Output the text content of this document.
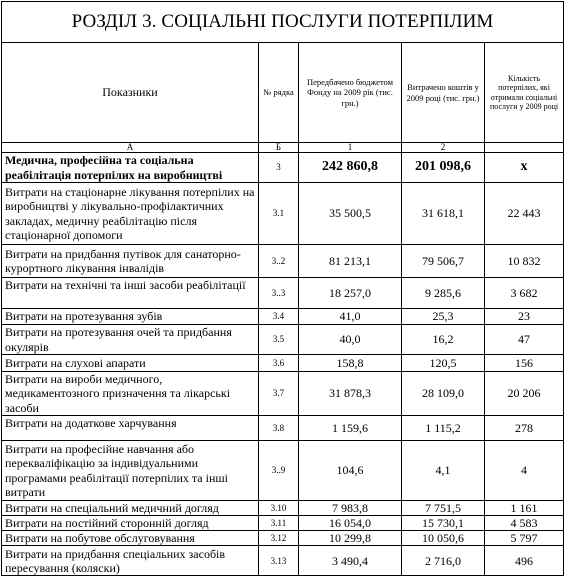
РОЗДІЛ 3. СОЦІАЛЬНІ ПОСЛУГИ ПОТЕРПІЛИМ				
Показники	№ рядка	Передбачено бюджетом Фонду на 2009 рік (тис. грн.)	Витрачено коштів у 2009 році (тис. грн.)	Кількість потерпілих, які отримали соціальні послуги у 2009 році
А	Б	1	2	
Медична, професійна та соціальна реабілітація потерпілих на виробництві	3	242 860,8	201 098,6	х
Витрати на стаціонарне лікування потерпілих на виробництві у лікувально-профілактичних закладах, медичну реабілітацію після стаціонарної допомоги	3.1	35 500,5	31 618,1	22 443
Витрати на придбання путівок для санаторно-курортного лікування інвалідів	3..2	81 213,1	79 506,7	10 832
Витрати на технічні та інші засоби реабілітації	3..3	18 257,0	9 285,6	3 682
Витрати на протезування зубів	3.4	41,0	25,3	23
Витрати на протезування очей та придбання окулярів	3.5	40,0	16,2	47
Витрати на слухові апарати	3.6	158,8	120,5	156
Витрати на вироби медичного, медикаментозного призначення та лікарські засоби	3.7	31 878,3	28 109,0	20 206
Витрати на додаткове харчування	3.8	1 159,6	1 115,2	278
Витрати на професійне навчання або перекваліфікацію за індивідуальними програмами реабілітації потерпілих та інші витрати	3..9	104,6	4,1	4
Витрати на спеціальний медичний догляд	3.10	7 983,8	7 751,5	1 161
Витрати на постійний сторонній догляд	3.11	16 054,0	15 730,1	4 583
Витрати на побутове обслуговування	3.12	10 299,8	10 050,6	5 797
Витрати на придбання спеціальних засобів пересування (коляски)	3.13	3 490,4	2 716,0	496
